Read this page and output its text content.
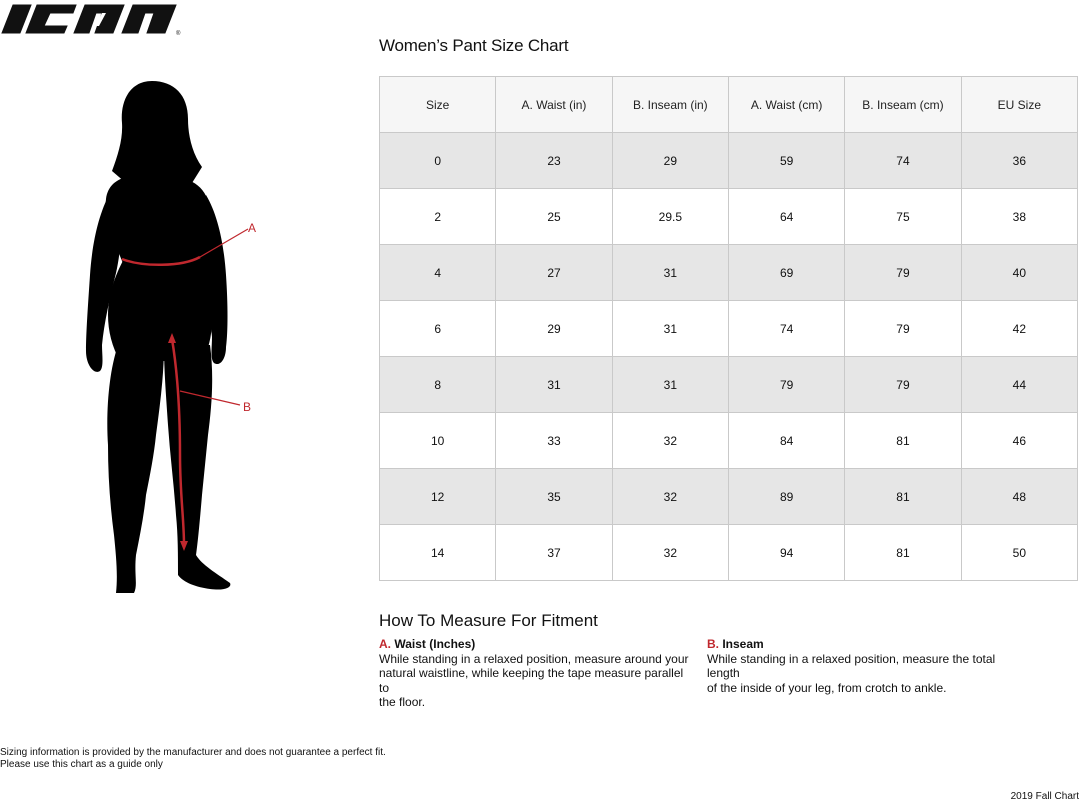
®
A
B
Women’s Pant Size Chart
Size	A. Waist (in)	B. Inseam (in)	A. Waist (cm)	B. Inseam (cm)	EU Size
0	23	29	59	74	36
2	25	29.5	64	75	38
4	27	31	69	79	40
6	29	31	74	79	42
8	31	31	79	79	44
10	33	32	84	81	46
12	35	32	89	81	48
14	37	32	94	81	50
How To Measure For Fitment
A. Waist (Inches)
While standing in a relaxed position, measure around your
natural waistline, while keeping the tape measure parallel to
the floor.
B. Inseam
While standing in a relaxed position, measure the total length
of the inside of your leg, from crotch to ankle.
Sizing information is provided by the manufacturer and does not guarantee a perfect fit.
Please use this chart as a guide only
2019 Fall Chart
